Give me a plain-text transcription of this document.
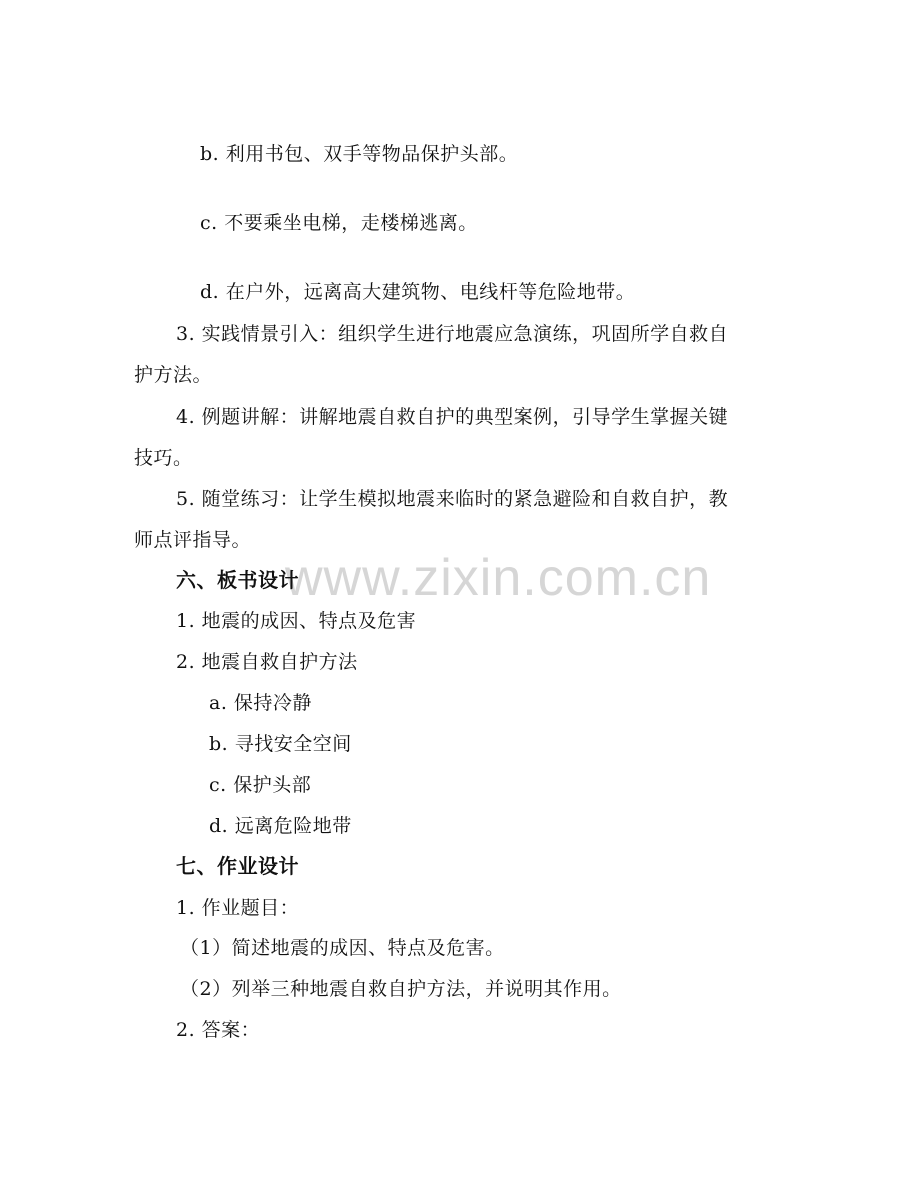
www.zixin.com.cn
b. 利用书包、双手等物品保护头部。
c. 不要乘坐电梯，走楼梯逃离。
d. 在户外，远离高大建筑物、电线杆等危险地带。
3. 实践情景引入：组织学生进行地震应急演练，巩固所学自救自
护方法。
4. 例题讲解：讲解地震自救自护的典型案例，引导学生掌握关键
技巧。
5. 随堂练习：让学生模拟地震来临时的紧急避险和自救自护，教
师点评指导。
六、板书设计
1. 地震的成因、特点及危害
2. 地震自救自护方法
a. 保持冷静
b. 寻找安全空间
c. 保护头部
d. 远离危险地带
七、作业设计
1. 作业题目：
（1）简述地震的成因、特点及危害。
（2）列举三种地震自救自护方法，并说明其作用。
2. 答案：
